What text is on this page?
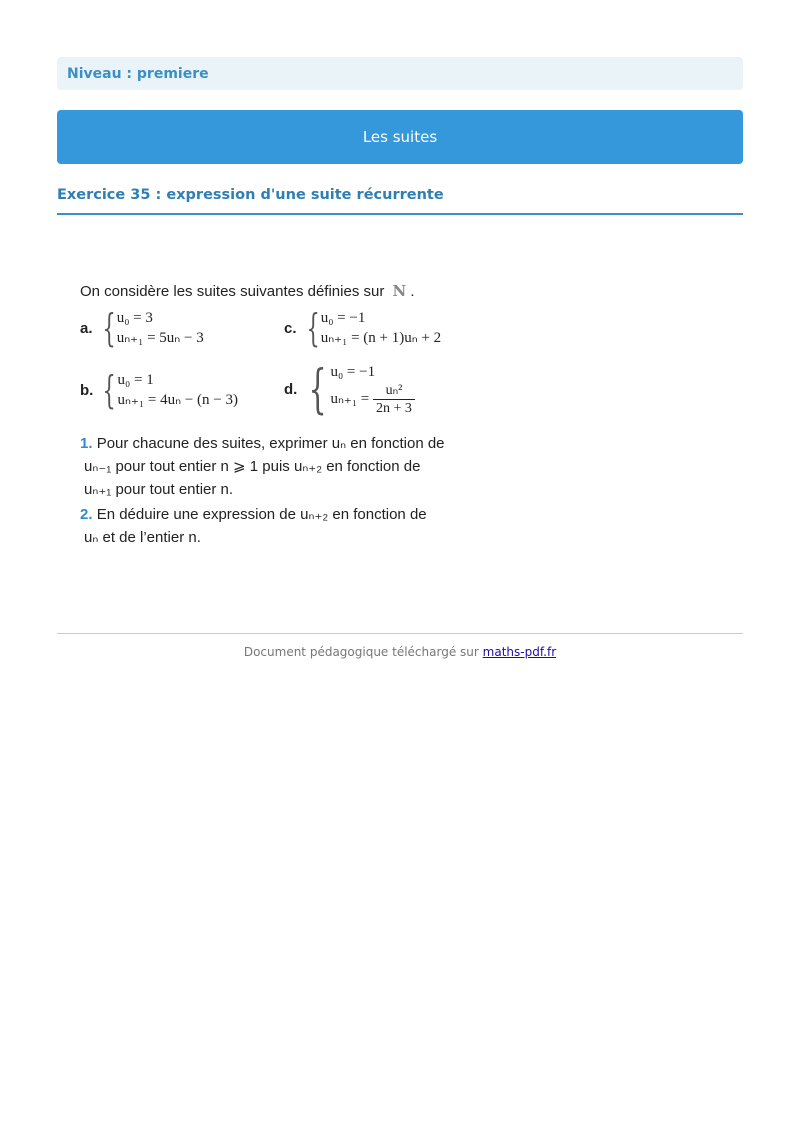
Niveau : premiere
Les suites
Exercice 35 : expression d'une suite récurrente
On considère les suites suivantes définies sur N .
a. { u₀ = 3
uₙ₊₁ = 5uₙ − 3
c. { u₀ = −1
uₙ₊₁ = (n + 1)uₙ + 2
b. { u₀ = 1
uₙ₊₁ = 4uₙ − (n − 3)
d. { u₀ = −1
$u_{n+1} = \frac{\text{uₙ²}}{2n + 3}$
1. Pour chacune des suites, exprimer uₙ en fonction de
uₙ₋₁ pour tout entier n ⩾ 1 puis uₙ₊₂ en fonction de
uₙ₊₁ pour tout entier n.
2. En déduire une expression de uₙ₊₂ en fonction de
uₙ et de l’entier n.
Document pédagogique téléchargé sur maths-pdf.fr
